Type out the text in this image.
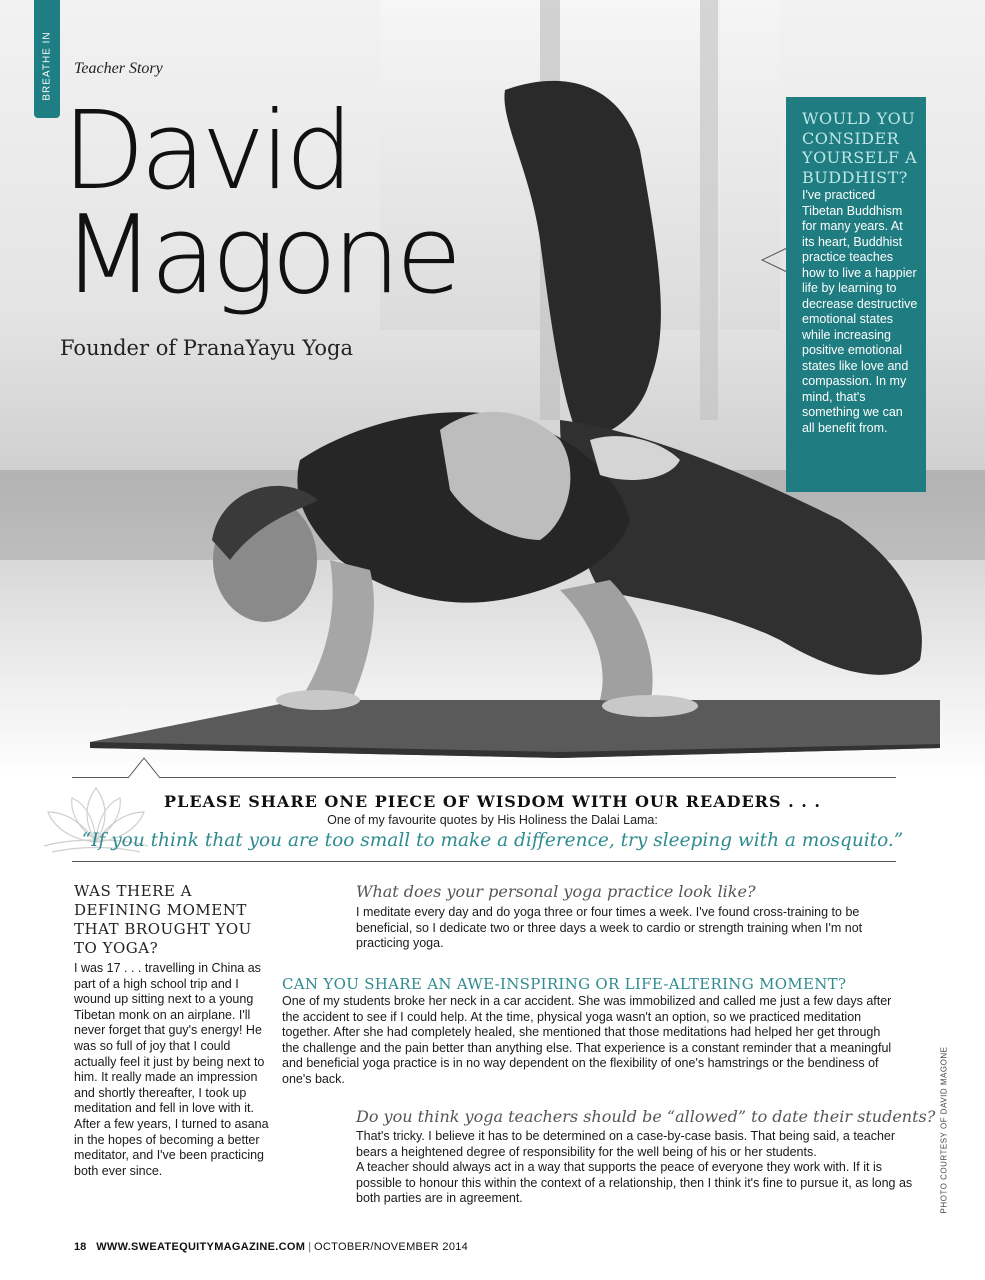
BREATHE IN Teacher Story
David
Magone
Founder of PranaYayu Yoga
WOULD YOU CONSIDER YOURSELF A BUDDHIST?
I've practiced Tibetan Buddhism for many years. At its heart, Buddhist practice teaches how to live a happier life by learning to decrease destructive emotional states while increasing positive emotional states like love and compassion. In my mind, that's something we can all benefit from.
PLEASE SHARE ONE PIECE OF WISDOM WITH OUR READERS . . .
One of my favourite quotes by His Holiness the Dalai Lama:
“If you think that you are too small to make a difference, try sleeping with a mosquito.”
WAS THERE A DEFINING MOMENT THAT BROUGHT YOU TO YOGA?
I was 17 . . . travelling in China as part of a high school trip and I wound up sitting next to a young Tibetan monk on an airplane. I'll never forget that guy's energy! He was so full of joy that I could actually feel it just by being next to him. It really made an impression and shortly thereafter, I took up meditation and fell in love with it. After a few years, I turned to asana in the hopes of becoming a better meditator, and I've been practicing both ever since.
What does your personal yoga practice look like?
I meditate every day and do yoga three or four times a week. I've found cross-training to be beneficial, so I dedicate two or three days a week to cardio or strength training when I'm not practicing yoga.
CAN YOU SHARE AN AWE-INSPIRING OR LIFE-ALTERING MOMENT?
One of my students broke her neck in a car accident. She was immobilized and called me just a few days after the accident to see if I could help. At the time, physical yoga wasn't an option, so we practiced meditation together. After she had completely healed, she mentioned that those meditations had helped her get through the challenge and the pain better than anything else. That experience is a constant reminder that a meaningful and beneficial yoga practice is in no way dependent on the flexibility of one's hamstrings or the bendiness of one's back.
Do you think yoga teachers should be “allowed” to date their students?

That's tricky. I believe it has to be determined on a case-by-case basis. That being said, a teacher bears a heightened degree of responsibility for the well being of his or her students.

A teacher should always act in a way that supports the peace of everyone they work with. If it is possible to honour this within the context of a relationship, then I think it's fine to pursue it, as long as both parties are in agreement.	PHOTO COURTESY OF DAVID MAGONE
18 WWW.SWEATEQUITYMAGAZINE.COM | OCTOBER/NOVEMBER 2014
